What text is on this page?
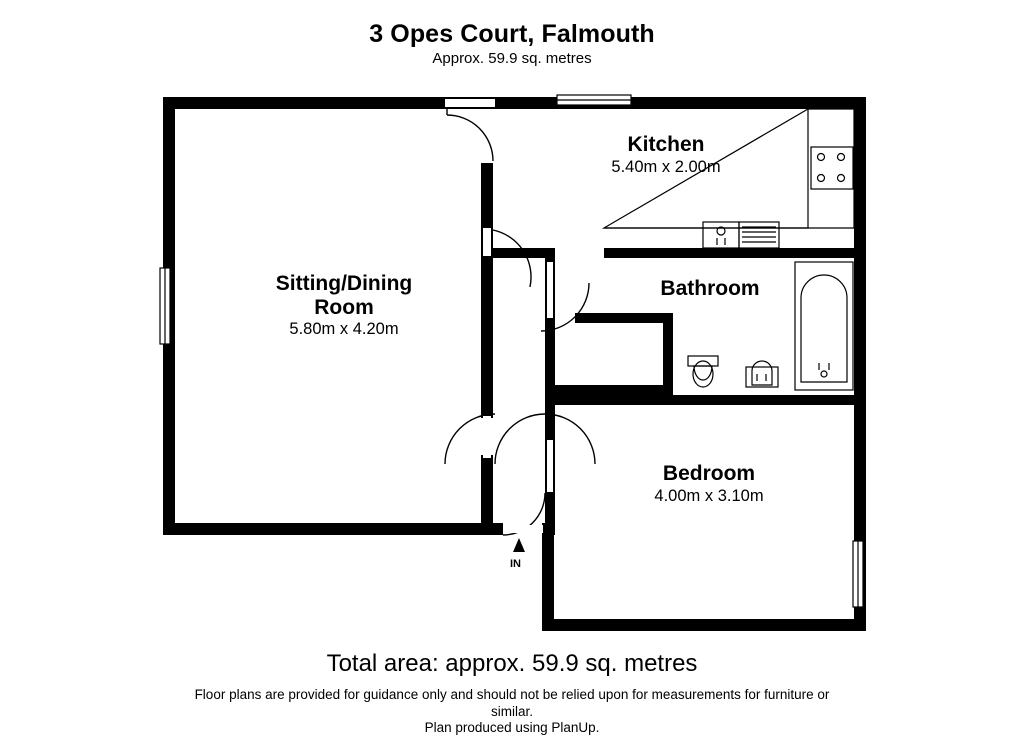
3 Opes Court, Falmouth
Approx. 59.9 sq. metres
Kitchen
5.40m x 2.00m
Sitting/Dining
Room
5.80m x 4.20m
Bathroom
Bedroom
4.00m x 3.10m
IN
Total area: approx. 59.9 sq. metres
Floor plans are provided for guidance only and should not be relied upon for measurements for furniture or
similar.
Plan produced using PlanUp.
